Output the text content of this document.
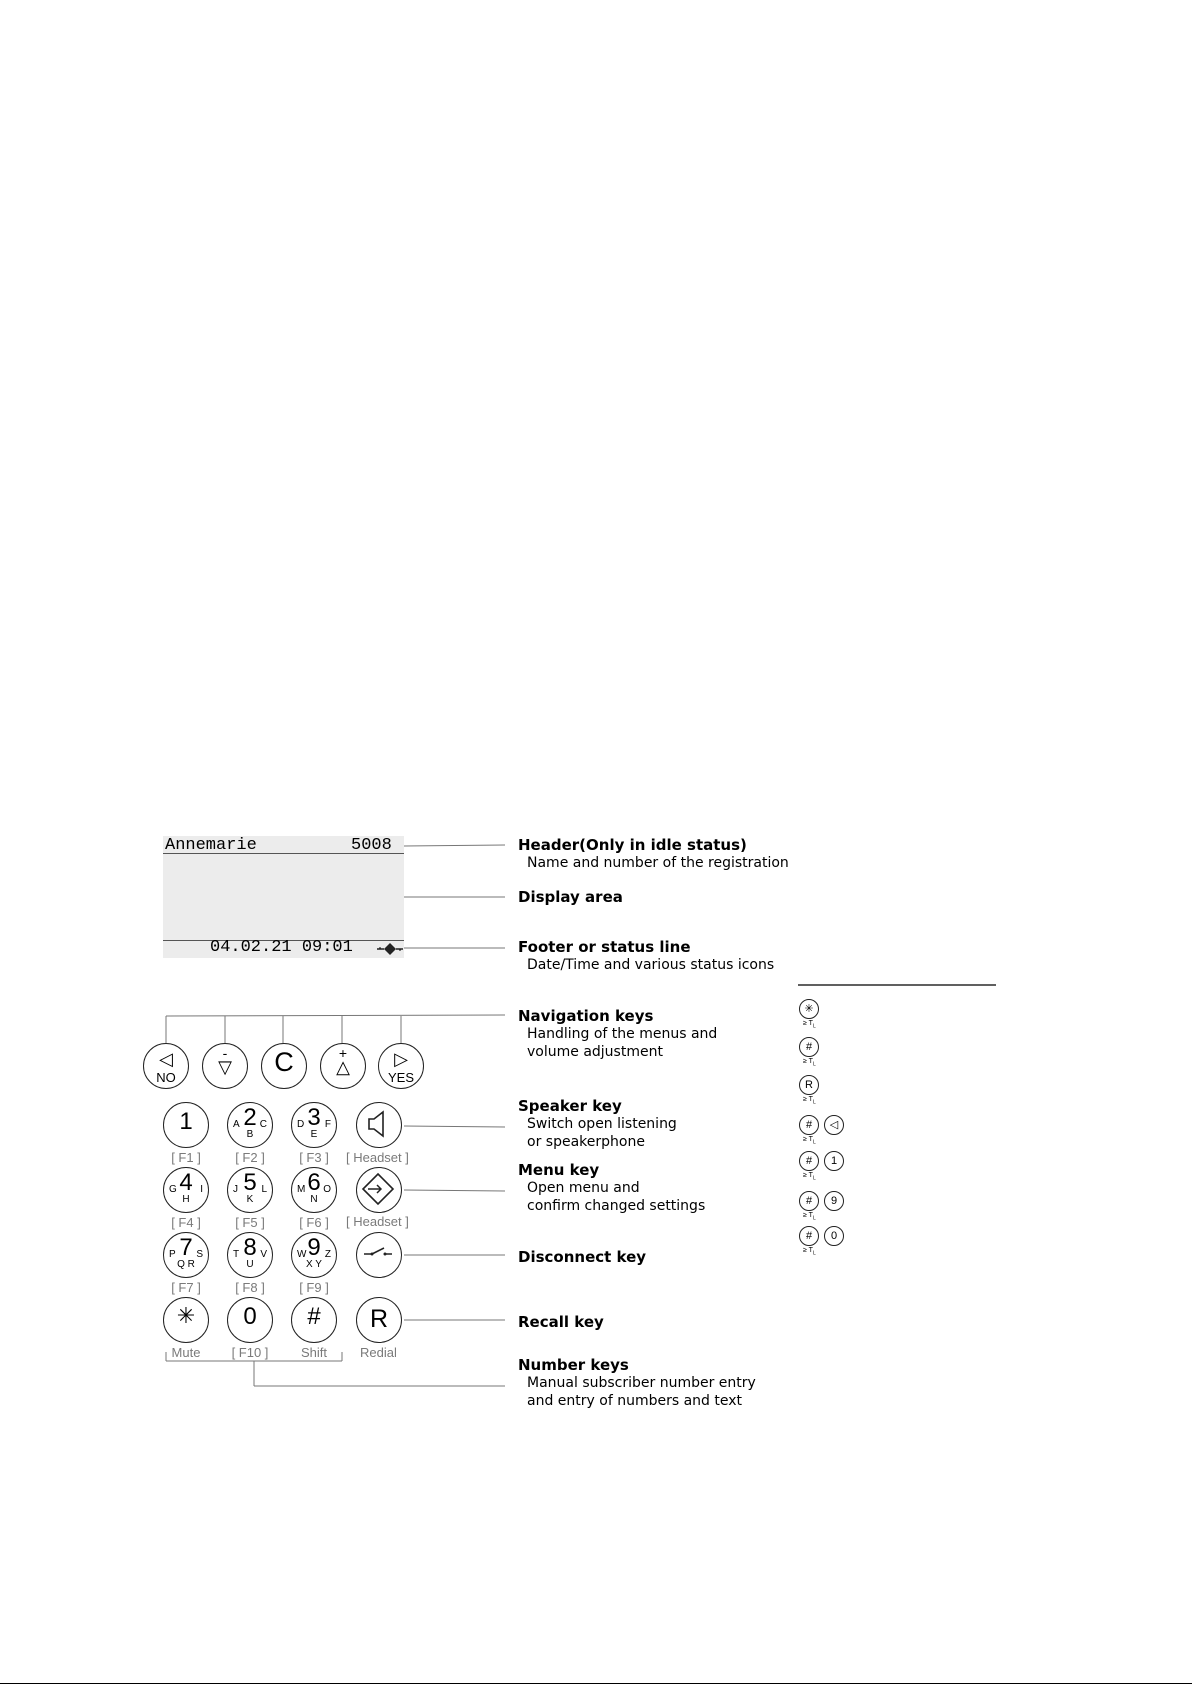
Annemarie	5008
04.02.21 09:01
◁
NO
▽
-	C	△
+	▷
YES
1
[ F1 ]
2
A C
B
[ F2 ]
3
D F
E
[ F3 ]
4
G I
H
[ F4 ]
5
J L
K
[ F5 ]
6
M O
N
[ F6 ]
7
P S
Q R
[ F7 ]
8
T V
U
[ F8 ]
9
W Z
X Y
[ F9 ]
✳
Mute
0
[ F10 ]
#
Shift
[ Headset ]
[ Headset ]
R
Redial
Header(Only in idle status)
Name and number of the registration
Display area
Footer or status line
Date/Time and various status icons
Navigation keys
Handling of the menus and
volume adjustment
Speaker key
Switch open listening
or speakerphone
Menu key
Open menu and
confirm changed settings
Disconnect key
Recall key
Number keys
Manual subscriber number entry
and entry of numbers and text
✳
≥ $T_L$
#
≥ $T_L$
R
≥ $T_L$
#	◁
≥ $T_L$
#	1
≥ $T_L$
#	9
≥ $T_L$
#	0
≥ $T_L$
